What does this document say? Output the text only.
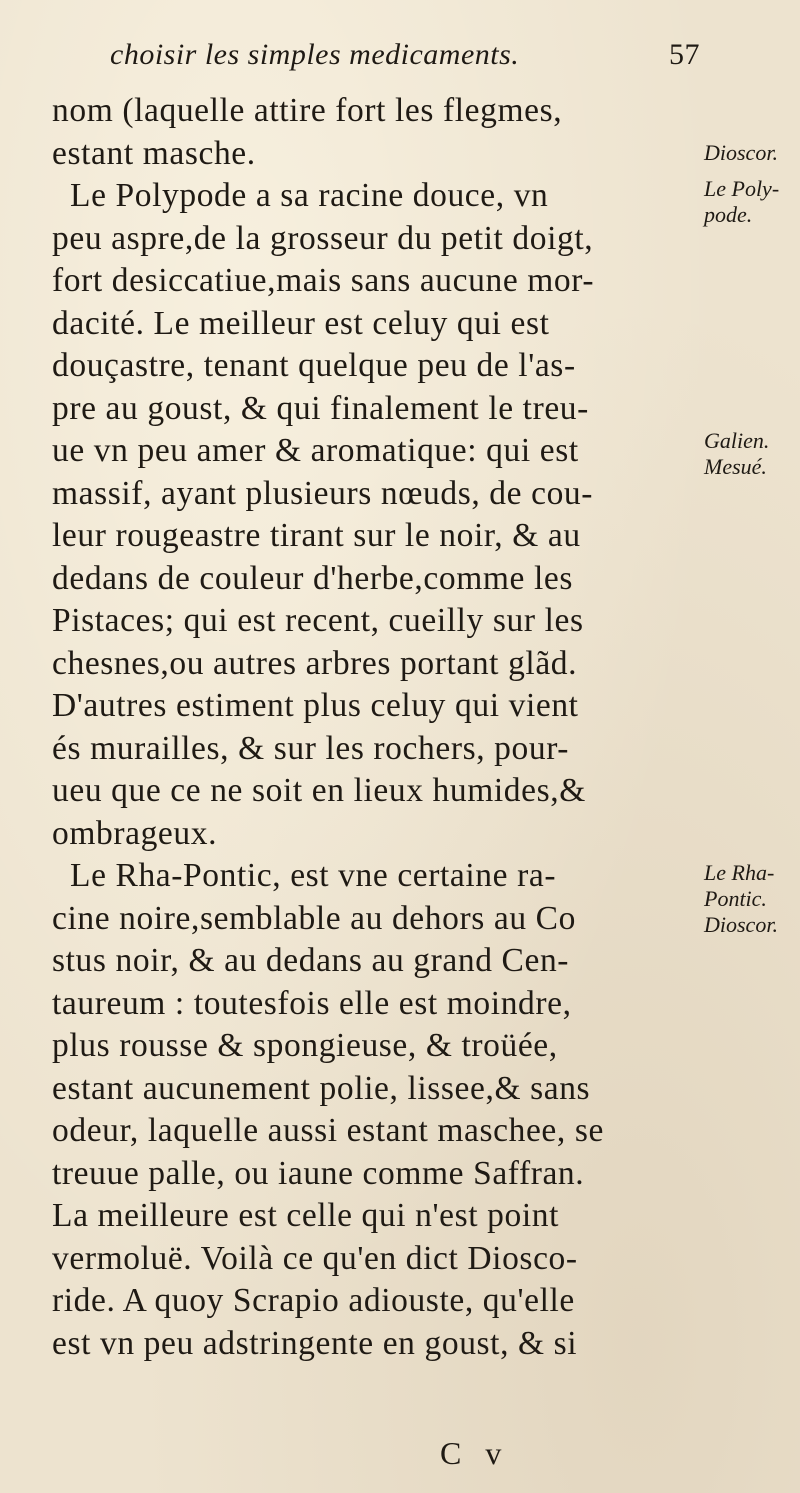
choisir les simples medicaments.	57
nom (laquelle attire fort les flegmes,
estant masche.
Le Polypode a sa racine douce, vn
peu aspre,de la grosseur du petit doigt,
fort desiccatiue,mais sans aucune mor-
dacité. Le meilleur est celuy qui est
douçastre, tenant quelque peu de l'as-
pre au goust, & qui finalement le treu-
ue vn peu amer & aromatique: qui est
massif, ayant plusieurs nœuds, de cou-
leur rougeastre tirant sur le noir, & au
dedans de couleur d'herbe,comme les
Pistaces; qui est recent, cueilly sur les
chesnes,ou autres arbres portant glãd.
D'autres estiment plus celuy qui vient
és murailles, & sur les rochers, pour-
ueu que ce ne soit en lieux humides,&
ombrageux.
Le Rha-Pontic, est vne certaine ra-
cine noire,semblable au dehors au Co
stus noir, & au dedans au grand Cen-
taureum : toutesfois elle est moindre,
plus rousse & spongieuse, & troüée,
estant aucunement polie, lissee,& sans
odeur, laquelle aussi estant maschee, se
treuue palle, ou iaune comme Saffran.
La meilleure est celle qui n'est point
vermoluë. Voilà ce qu'en dict Diosco-
ride. A quoy Scrapio adiouste, qu'elle
est vn peu adstringente en goust, & si
C v
Dioscor.
Le Poly-
pode.
Galien.
Mesué.
Le Rha-
Pontic.
Dioscor.
